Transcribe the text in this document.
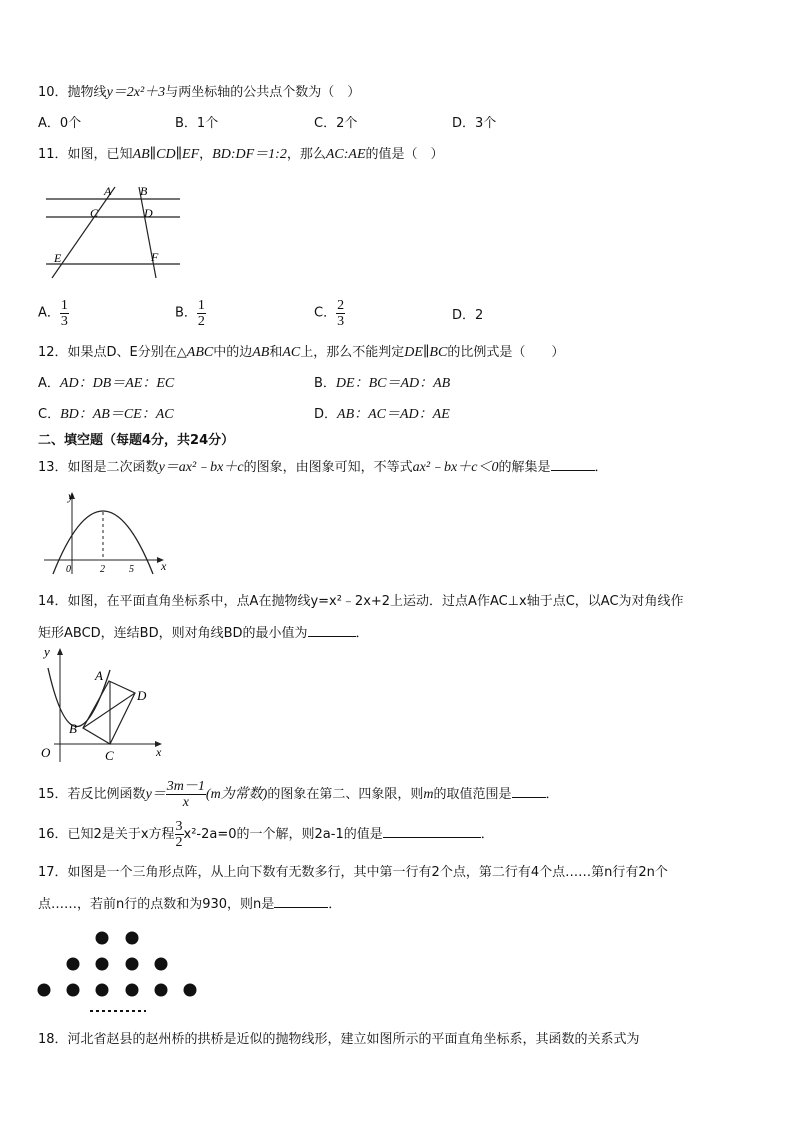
10．抛物线y＝2x²＋3与两坐标轴的公共点个数为（　）
A．0个	B．1个	C．2个	D．3个
11．如图，已知AB∥CD∥EF，BD:DF＝1:2，那么AC:AE的值是（　）
A B
C	D
E	F
A． $\frac{1}{3}$	B． $\frac{1}{2}$	C． $\frac{2}{3}$	D．2
12．如果点D、E分别在△ABC中的边AB和AC上，那么不能判定DE∥BC的比例式是（　　）
A．AD：DB＝AE：EC	B．DE：BC＝AD：AB
C．BD：AB＝CE：AC	D．AB：AC＝AD：AE
二、填空题（每题4分，共24分）
13．如图是二次函数y＝ax²﹣bx＋c的图象，由图象可知，不等式ax²﹣bx＋c＜0的解集是	．
y
x
0	2 5
14．如图，在平面直角坐标系中，点A在抛物线y=x²﹣2x+2上运动．过点A作AC⊥x轴于点C，以AC为对角线作
矩形ABCD，连结BD，则对角线BD的最小值为	．
y
x
O
A
B
C
D
15．若反比例函数$y= \frac{3m-1}{x} (m$为常数)的图象在第二、四象限，则m的取值范围是	．
16．已知2是关于x方程 $\frac{3}{2} x^2-2a=0$的一个解，则2a-1的值是	．
17．如图是一个三角形点阵，从上向下数有无数多行，其中第一行有2个点，第二行有4个点……第n行有2n个
点……，若前n行的点数和为930，则n是	．
18．河北省赵县的赵州桥的拱桥是近似的抛物线形，建立如图所示的平面直角坐标系，其函数的关系式为
